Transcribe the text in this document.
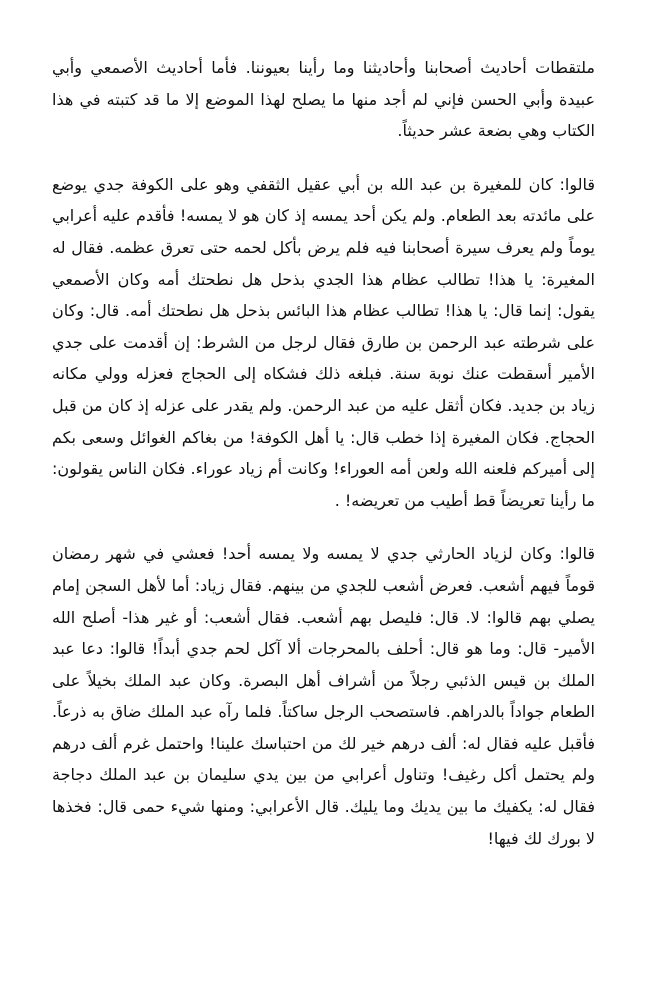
ملتقطات أحاديث أصحابنا وأحاديثنا وما رأينا بعيوننا. فأما أحاديث الأصمعي وأبي عبيدة وأبي الحسن فإني لم أجد منها ما يصلح لهذا الموضع إلا ما قد كتبته في هذا الكتاب وهي بضعة عشر حديثاً.

قالوا: كان للمغيرة بن عبد الله بن أبي عقيل الثقفي وهو على الكوفة جدي يوضع على مائدته بعد الطعام. ولم يكن أحد يمسه إذ كان هو لا يمسه! فأقدم عليه أعرابي يوماً ولم يعرف سيرة أصحابنا فيه فلم يرض بأكل لحمه حتى تعرق عظمه. فقال له المغيرة: يا هذا! تطالب عظام هذا الجدي بذحل هل نطحتك أمه وكان الأصمعي يقول: إنما قال: يا هذا! تطالب عظام هذا البائس بذحل هل نطحتك أمه. قال: وكان على شرطته عبد الرحمن بن طارق فقال لرجل من الشرط: إن أقدمت على جدي الأمير أسقطت عنك نوبة سنة. فبلغه ذلك فشكاه إلى الحجاج فعزله وولي مكانه زياد بن جديد. فكان أثقل عليه من عبد الرحمن. ولم يقدر على عزله إذ كان من قبل الحجاج. فكان المغيرة إذا خطب قال: يا أهل الكوفة! من بغاكم الغوائل وسعى بكم إلى أميركم فلعنه الله ولعن أمه العوراء! وكانت أم زياد عوراء. فكان الناس يقولون: ما رأينا تعريضاً قط أطيب من تعريضه! .

قالوا: وكان لزياد الحارثي جدي لا يمسه ولا يمسه أحد! فعشي في شهر رمضان قوماً فيهم أشعب. فعرض أشعب للجدي من بينهم. فقال زياد: أما لأهل السجن إمام يصلي بهم قالوا: لا. قال: فليصل بهم أشعب. فقال أشعب: أو غير هذا- أصلح الله الأمير- قال: وما هو قال: أحلف بالمحرجات ألا آكل لحم جدي أبداً! قالوا: دعا عبد الملك بن قيس الذئبي رجلاً من أشراف أهل البصرة. وكان عبد الملك بخيلاً على الطعام جواداً بالدراهم. فاستصحب الرجل ساكتاً. فلما رآه عبد الملك ضاق به ذرعاً. فأقبل عليه فقال له: ألف درهم خير لك من احتباسك علينا! واحتمل غرم ألف درهم ولم يحتمل أكل رغيف! وتناول أعرابي من بين يدي سليمان بن عبد الملك دجاجة فقال له: يكفيك ما بين يديك وما يليك. قال الأعرابي: ومنها شيء حمى قال: فخذها لا بورك لك فيها!
